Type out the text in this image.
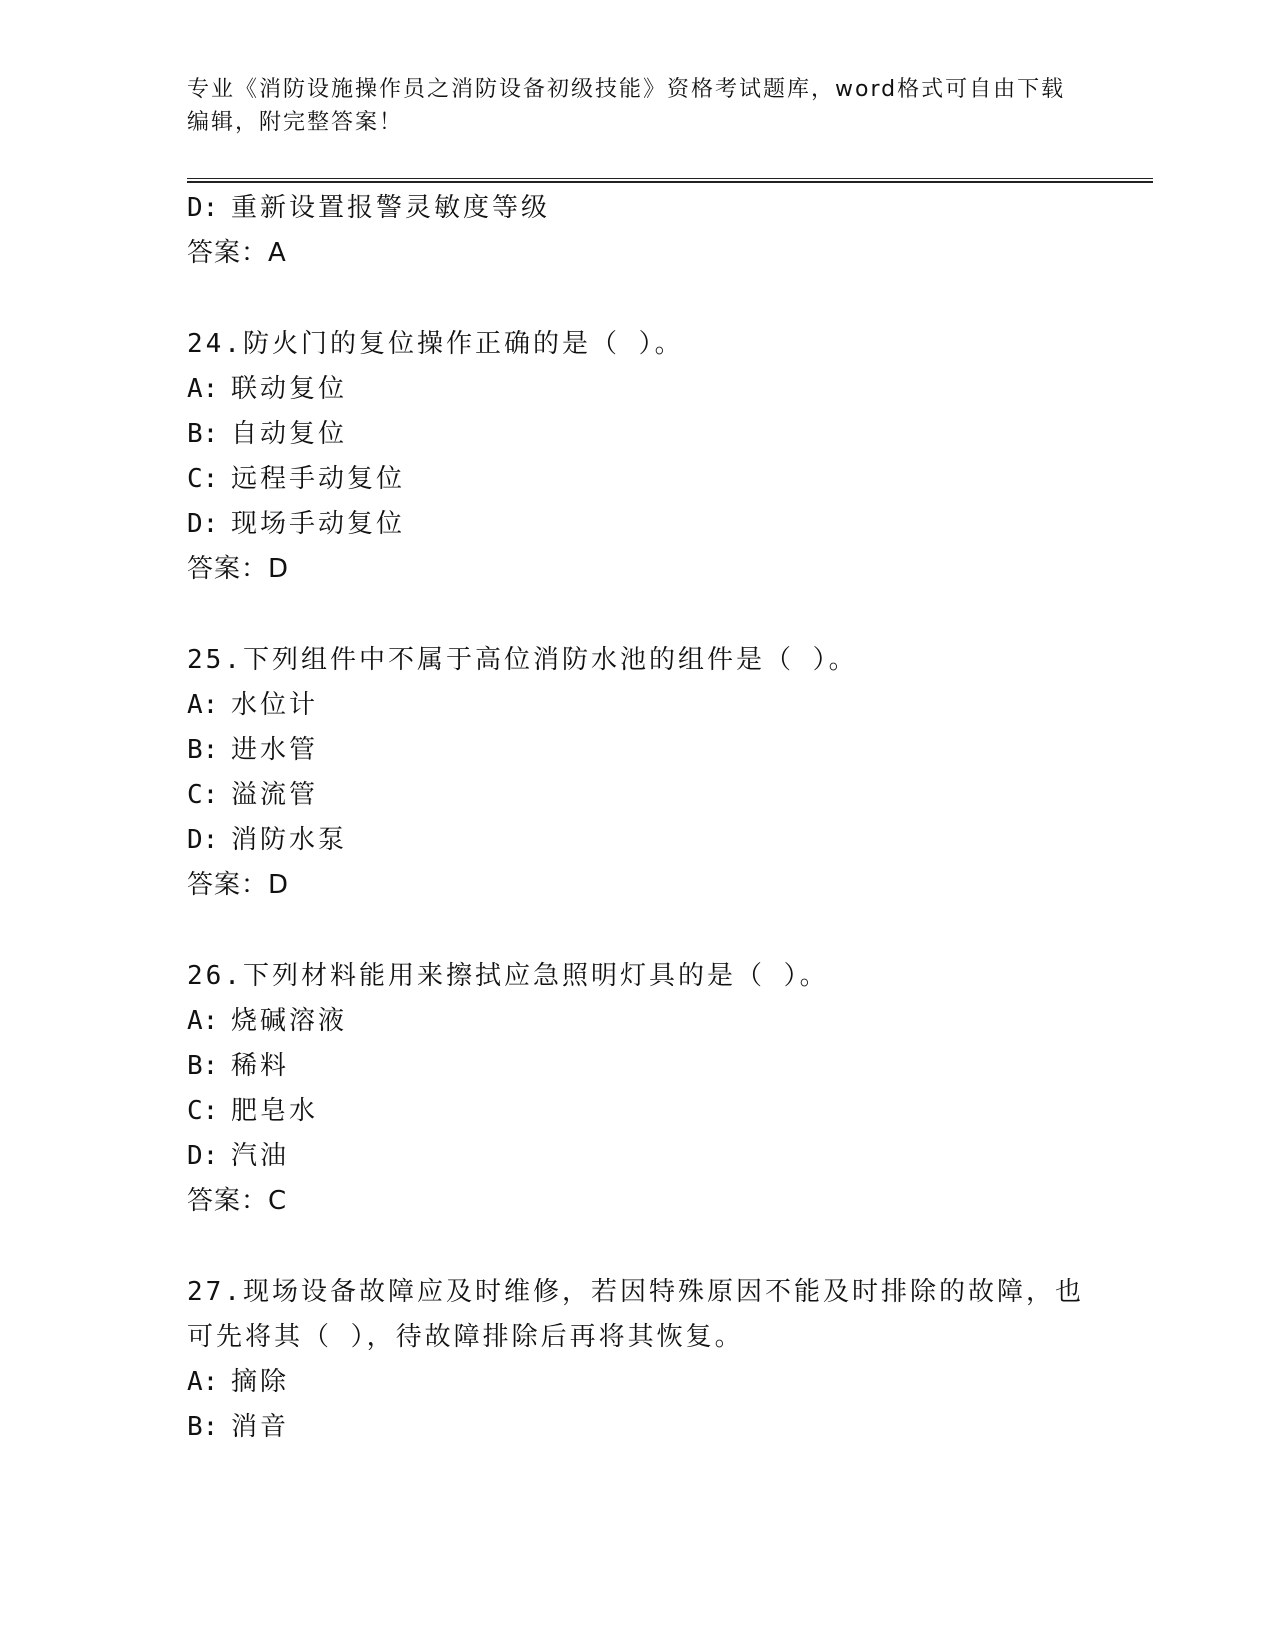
专业《消防设施操作员之消防设备初级技能》资格考试题库，word格式可自由下载编辑，附完整答案！
D: 重新设置报警灵敏度等级
答案：A
24.防火门的复位操作正确的是（ ）。
A: 联动复位
B: 自动复位
C: 远程手动复位
D: 现场手动复位
答案：D
25.下列组件中不属于高位消防水池的组件是（ ）。
A: 水位计
B: 进水管
C: 溢流管
D: 消防水泵
答案：D
26.下列材料能用来擦拭应急照明灯具的是（ ）。
A: 烧碱溶液
B: 稀料
C: 肥皂水
D: 汽油
答案：C
27.现场设备故障应及时维修，若因特殊原因不能及时排除的故障，也可先将其（ ），待故障排除后再将其恢复。
A: 摘除
B: 消音
